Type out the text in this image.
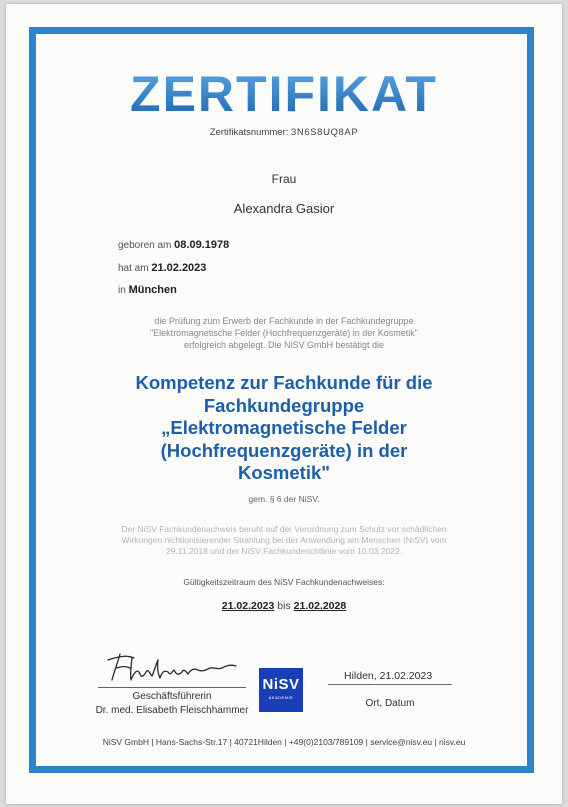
ZERTIFIKAT
Zertifikatsnummer: 3N6S8UQ8AP
Frau
Alexandra Gasior
geboren am 08.09.1978
hat am 21.02.2023
in München
die Prüfung zum Erwerb der Fachkunde in der Fachkundegruppe
"Elektromagnetische Felder (Hochfrequenzgeräte) in der Kosmetik"
erfolgreich abgelegt. Die NiSV GmbH bestätigt die
Kompetenz zur Fachkunde für die
Fachkundegruppe
„Elektromagnetische Felder
(Hochfrequenzgeräte) in der
Kosmetik"
gem. § 6 der NiSV.
Der NiSV Fachkundenachweis beruht auf der Verordnung zum Schutz vor schädlichen
Wirkungen nichtionisierender Strahlung bei der Anwendung am Menschen (NiSV) vom
29.11.2018 und der NiSV Fachkunderichtlinie vom 10.03.2022.
Gültigkeitszeitraum des NiSV Fachkundenachweises:
21.02.2023 bis 21.02.2028
Geschäftsführerin
Dr. med. Elisabeth Fleischhammer
NiSV
AKADEMIE
Hilden, 21.02.2023
Ort, Datum
NiSV GmbH | Hans-Sachs-Str.17 | 40721Hilden | +49(0)2103/789109 | service@nisv.eu | nisv.eu
